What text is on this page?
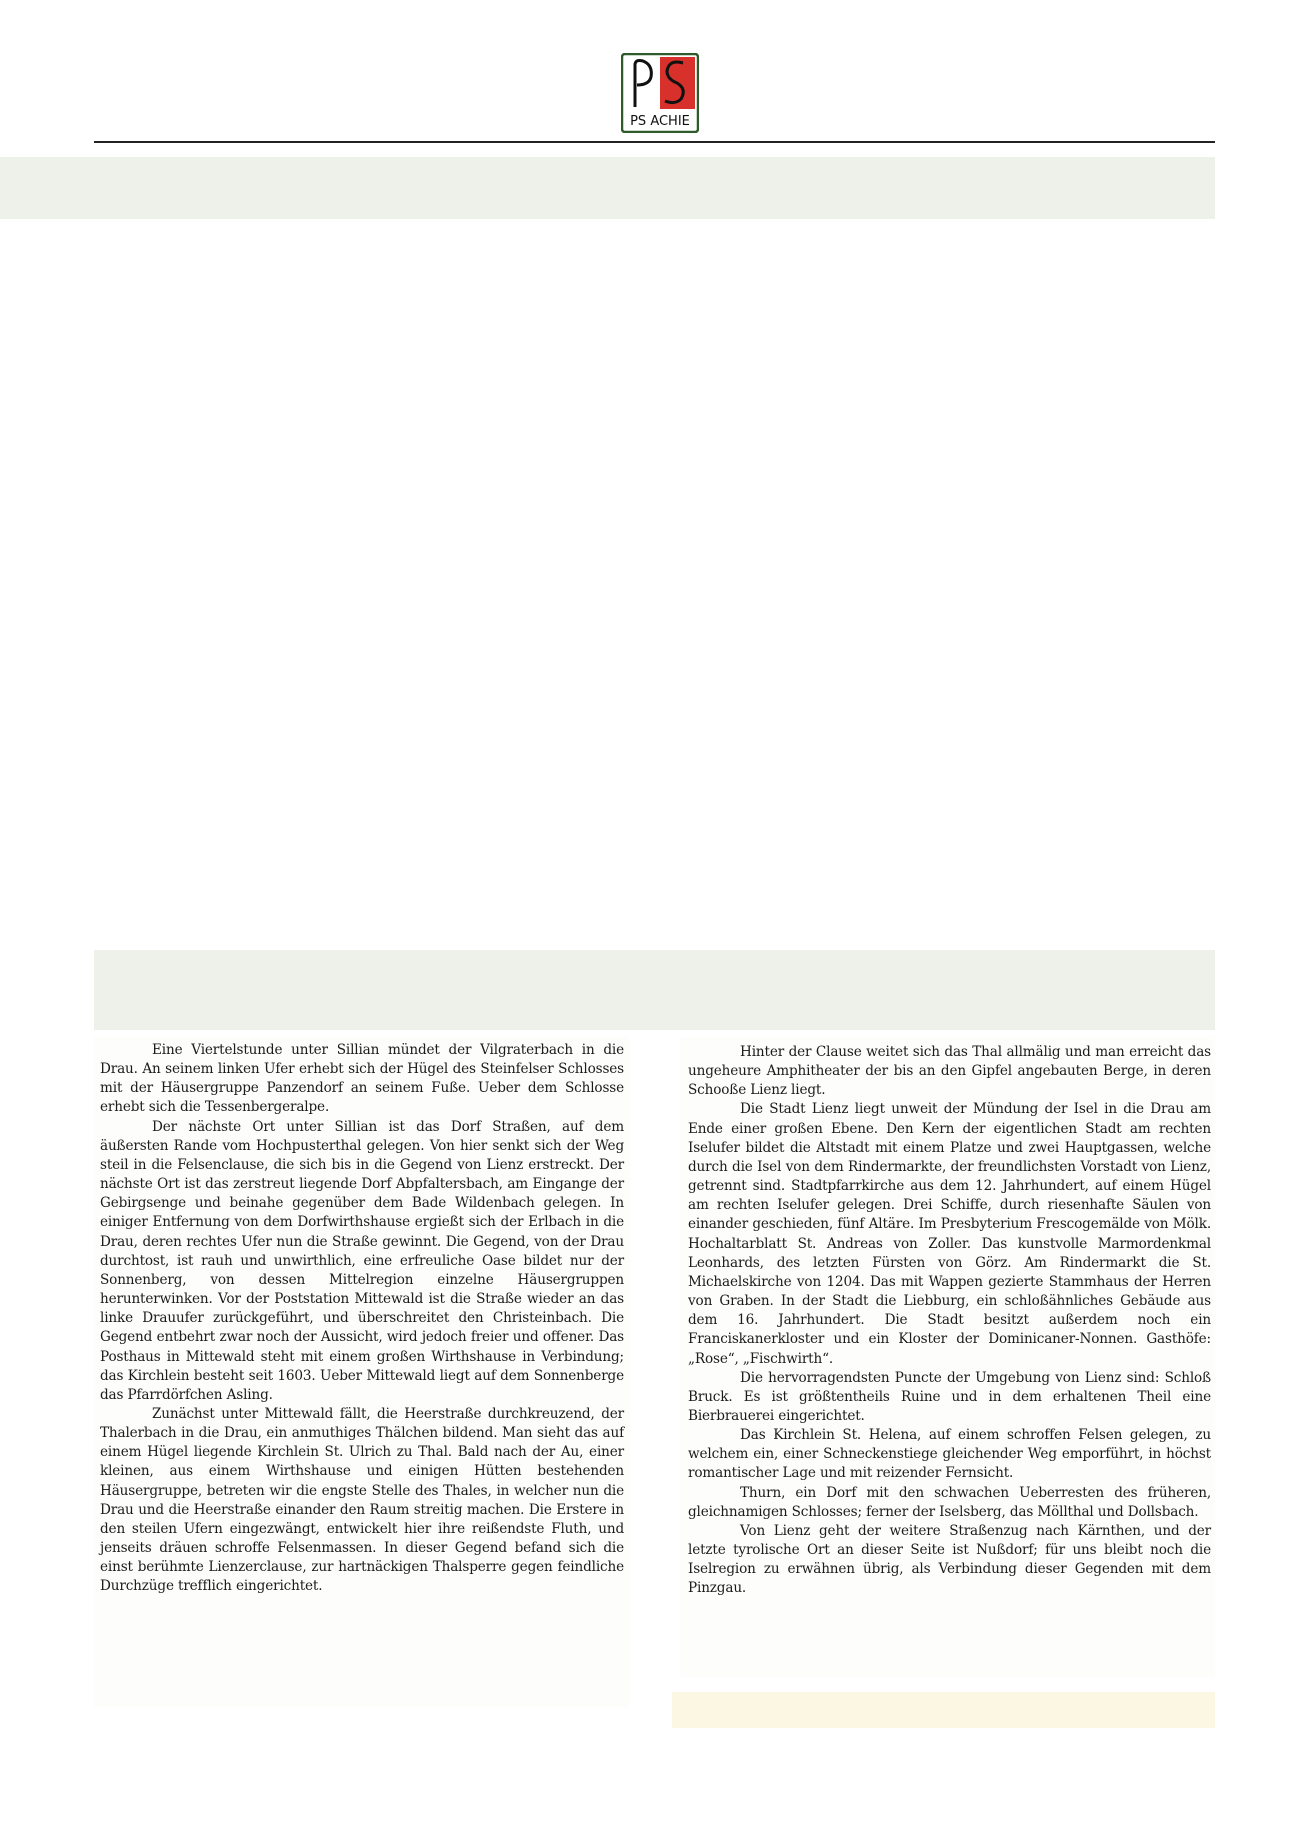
PS ACHIE

Eine Viertelstunde unter Sillian mündet der Vilgraterbach in die Drau. An seinem linken Ufer erhebt sich der Hügel des Steinfelser Schlosses mit der Häusergruppe Panzendorf an seinem Fuße. Ueber dem Schlosse erhebt sich die Tessenbergeralpe.

Der nächste Ort unter Sillian ist das Dorf Straßen, auf dem äußersten Rande vom Hochpusterthal gelegen. Von hier senkt sich der Weg steil in die Felsenclause, die sich bis in die Gegend von Lienz erstreckt. Der nächste Ort ist das zerstreut liegende Dorf Abpfaltersbach, am Eingange der Gebirgsenge und beinahe gegenüber dem Bade Wildenbach gelegen. In einiger Entfernung von dem Dorfwirthshause ergießt sich der Erlbach in die Drau, deren rechtes Ufer nun die Straße gewinnt. Die Gegend, von der Drau durchtost, ist rauh und unwirthlich, eine erfreuliche Oase bildet nur der Sonnenberg, von dessen Mittelregion einzelne Häusergruppen herunterwinken. Vor der Poststation Mittewald ist die Straße wieder an das linke Drauufer zurückgeführt, und überschreitet den Christeinbach. Die Gegend entbehrt zwar noch der Aussicht, wird jedoch freier und offener. Das Posthaus in Mittewald steht mit einem großen Wirthshause in Verbindung; das Kirchlein besteht seit 1603. Ueber Mittewald liegt auf dem Sonnenberge das Pfarrdörfchen Asling.

Zunächst unter Mittewald fällt, die Heerstraße durchkreuzend, der Thalerbach in die Drau, ein anmuthiges Thälchen bildend. Man sieht das auf einem Hügel liegende Kirchlein St. Ulrich zu Thal. Bald nach der Au, einer kleinen, aus einem Wirthshause und einigen Hütten bestehenden Häusergruppe, betreten wir die engste Stelle des Thales, in welcher nun die Drau und die Heerstraße einander den Raum streitig machen. Die Erstere in den steilen Ufern eingezwängt, entwickelt hier ihre reißendste Fluth, und jenseits dräuen schroffe Felsenmassen. In dieser Gegend befand sich die einst berühmte Lienzerclause, zur hartnäckigen Thalsperre gegen feindliche Durchzüge trefflich eingerichtet.

Hinter der Clause weitet sich das Thal allmälig und man erreicht das ungeheure Amphitheater der bis an den Gipfel angebauten Berge, in deren Schooße Lienz liegt.

Die Stadt Lienz liegt unweit der Mündung der Isel in die Drau am Ende einer großen Ebene. Den Kern der eigentlichen Stadt am rechten Iselufer bildet die Altstadt mit einem Platze und zwei Hauptgassen, welche durch die Isel von dem Rindermarkte, der freundlichsten Vorstadt von Lienz, getrennt sind. Stadtpfarrkirche aus dem 12. Jahrhundert, auf einem Hügel am rechten Iselufer gelegen. Drei Schiffe, durch riesenhafte Säulen von einander geschieden, fünf Altäre. Im Presbyterium Frescogemälde von Mölk. Hochaltarblatt St. Andreas von Zoller. Das kunstvolle Marmordenkmal Leonhards, des letzten Fürsten von Görz. Am Rindermarkt die St. Michaelskirche von 1204. Das mit Wappen gezierte Stammhaus der Herren von Graben. In der Stadt die Liebburg, ein schloßähnliches Gebäude aus dem 16. Jahrhundert. Die Stadt besitzt außerdem noch ein Franciskanerkloster und ein Kloster der Dominicaner-Nonnen. Gasthöfe: „Rose“, „Fischwirth“.

Die hervorragendsten Puncte der Umgebung von Lienz sind: Schloß Bruck. Es ist größtentheils Ruine und in dem erhaltenen Theil eine Bierbrauerei eingerichtet.

Das Kirchlein St. Helena, auf einem schroffen Felsen gelegen, zu welchem ein, einer Schneckenstiege gleichender Weg emporführt, in höchst romantischer Lage und mit reizender Fernsicht.

Thurn, ein Dorf mit den schwachen Ueberresten des früheren, gleichnamigen Schlosses; ferner der Iselsberg, das Möllthal und Dollsbach.

Von Lienz geht der weitere Straßenzug nach Kärnthen, und der letzte tyrolische Ort an dieser Seite ist Nußdorf; für uns bleibt noch die Iselregion zu erwähnen übrig, als Verbindung dieser Gegenden mit dem Pinzgau.
